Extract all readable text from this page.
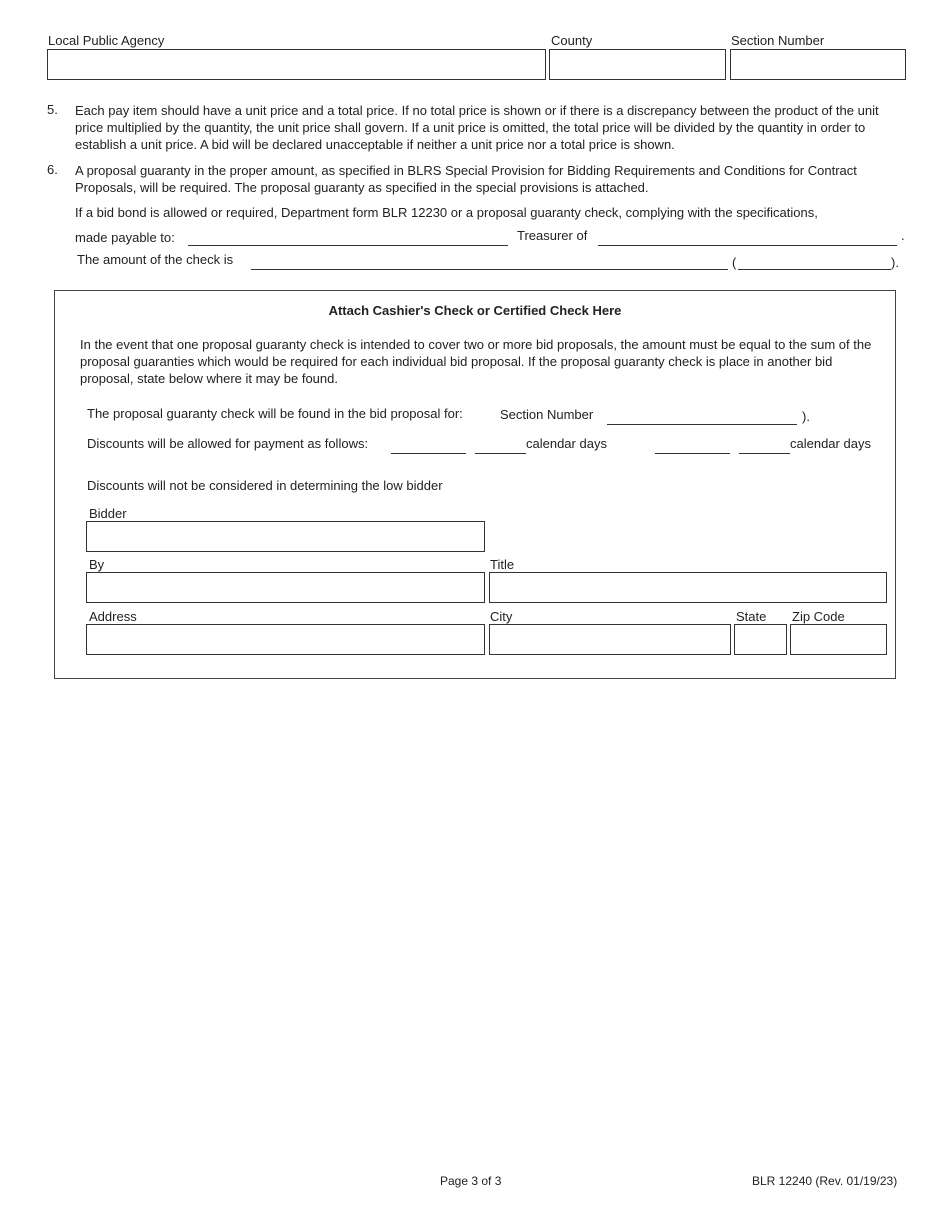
Local Public Agency	County	Section Number
5. Each pay item should have a unit price and a total price. If no total price is shown or if there is a discrepancy between the product of the unit price multiplied by the quantity, the unit price shall govern. If a unit price is omitted, the total price will be divided by the quantity in order to establish a unit price. A bid will be declared unacceptable if neither a unit price nor a total price is shown.
6. A proposal guaranty in the proper amount, as specified in BLRS Special Provision for Bidding Requirements and Conditions for Contract Proposals, will be required. The proposal guaranty as specified in the special provisions is attached.
If a bid bond is allowed or required, Department form BLR 12230 or a proposal guaranty check, complying with the specifications,
made payable to:	Treasurer of	.
The amount of the check is	(	).
Attach Cashier's Check or Certified Check Here
In the event that one proposal guaranty check is intended to cover two or more bid proposals, the amount must be equal to the sum of the proposal guaranties which would be required for each individual bid proposal. If the proposal guaranty check is place in another bid proposal, state below where it may be found.
The proposal guaranty check will be found in the bid proposal for:	Section Number	).
Discounts will be allowed for payment as follows:	calendar days	calendar days
Discounts will not be considered in determining the low bidder
Bidder
By	Title
Address	City	State Zip Code
Page 3 of 3	BLR 12240 (Rev. 01/19/23)
